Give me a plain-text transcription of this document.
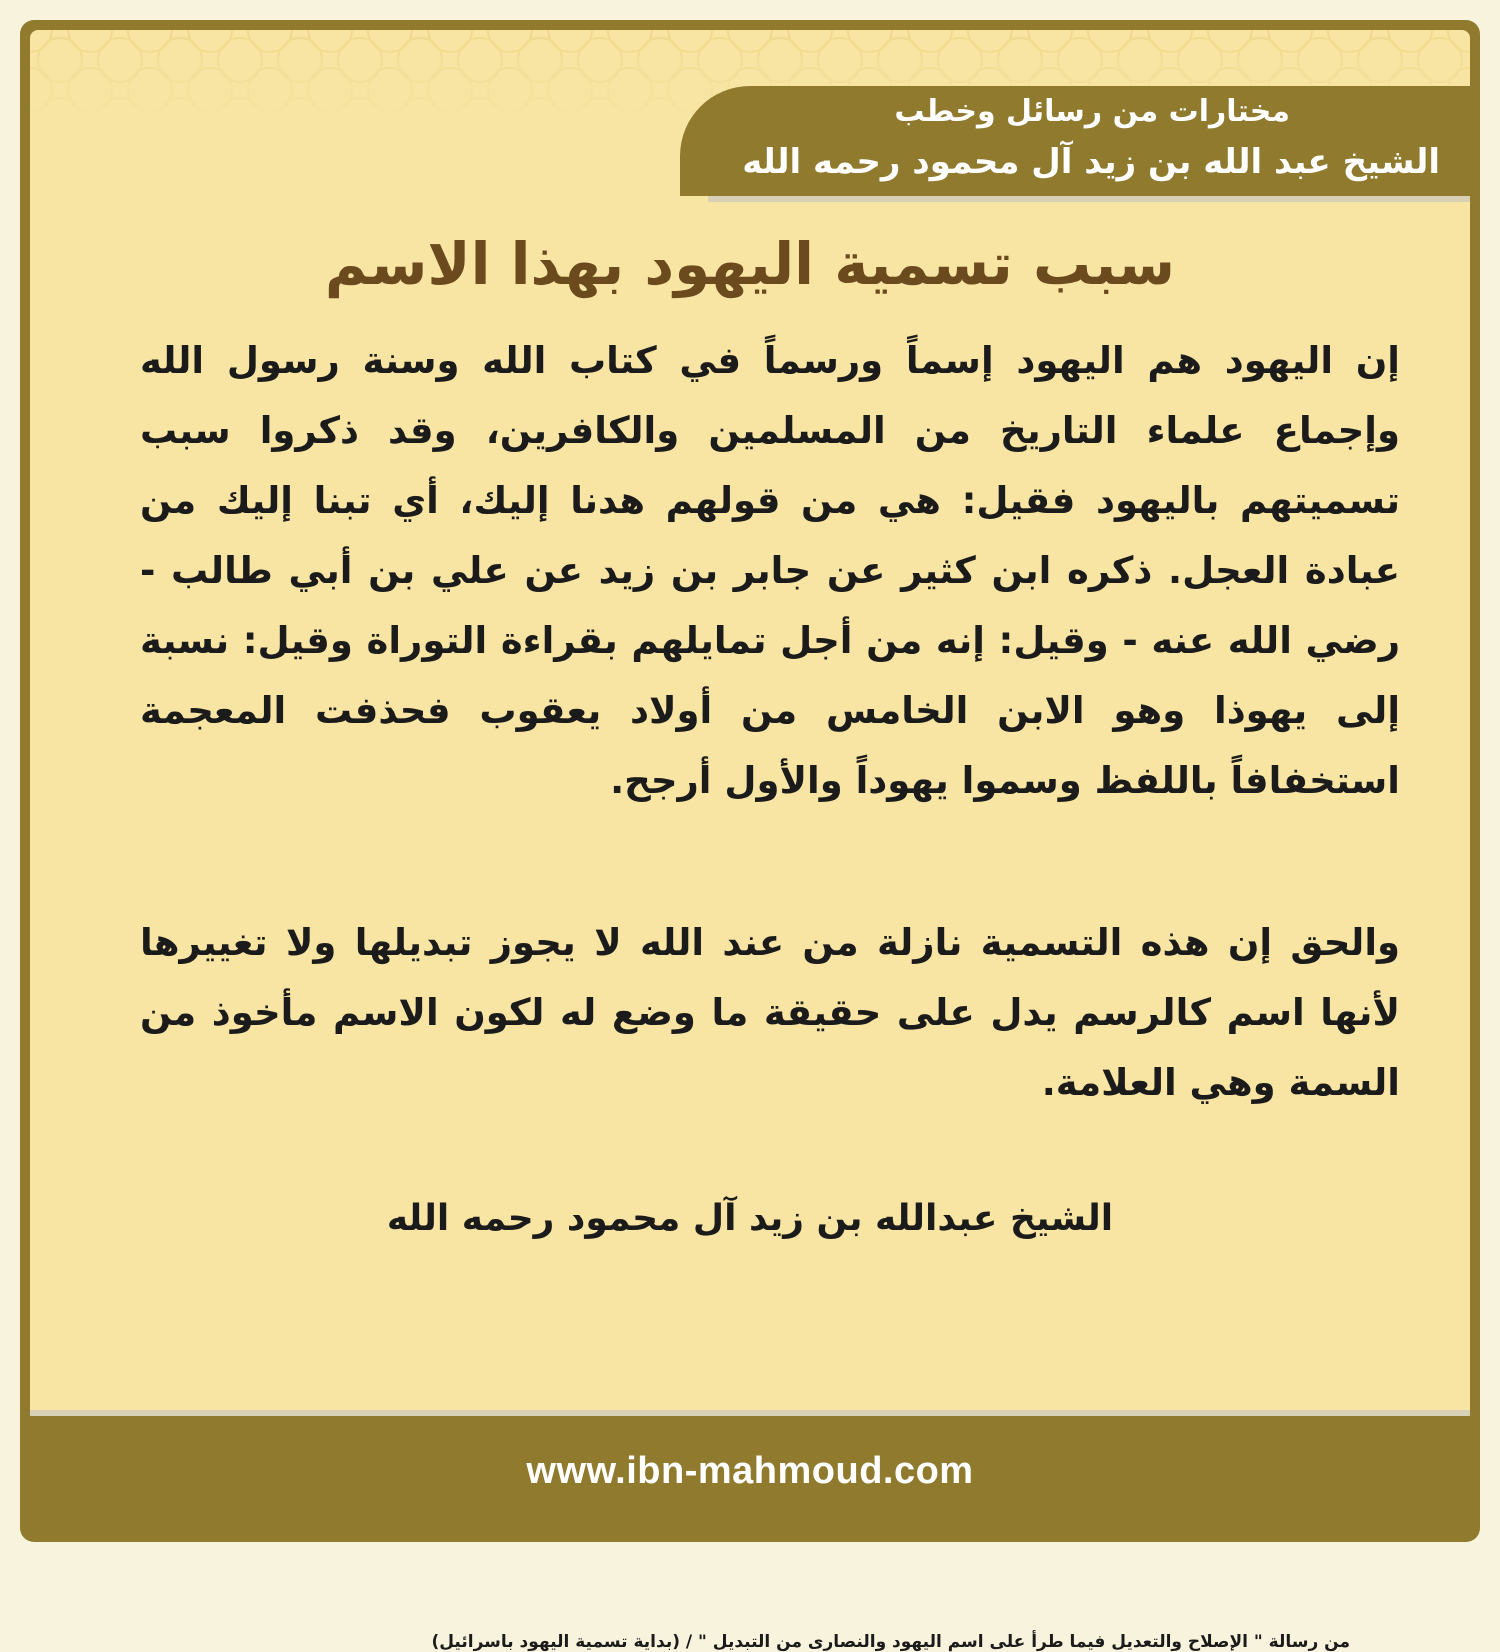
مختارات من رسائل وخطب
الشيخ عبد الله بن زيد آل محمود رحمه الله
سبب تسمية اليهود بهذا الاسم
إن اليهود هم اليهود إسماً ورسماً في كتاب الله وسنة رسول الله وإجماع علماء التاريخ من المسلمين والكافرين، وقد ذكروا سبب تسميتهم باليهود فقيل: هي من قولهم هدنا إليك، أي تبنا إليك من عبادة العجل. ذكره ابن كثير عن جابر بن زيد عن علي بن أبي طالب - رضي الله عنه - وقيل: إنه من أجل تمايلهم بقراءة التوراة وقيل: نسبة إلى يهوذا وهو الابن الخامس من أولاد يعقوب فحذفت المعجمة استخفافاً باللفظ وسموا يهوداً والأول أرجح.
والحق إن هذه التسمية نازلة من عند الله لا يجوز تبديلها ولا تغييرها لأنها اسم كالرسم يدل على حقيقة ما وضع له لكون الاسم مأخوذ من السمة وهي العلامة.
الشيخ عبدالله بن زيد آل محمود رحمه الله
www.ibn-mahmoud.com
من رسالة " الإصلاح والتعديل فيما طرأ على اسم اليهود والنصارى من التبديل " / (بداية تسمية اليهود باسرائيل)
